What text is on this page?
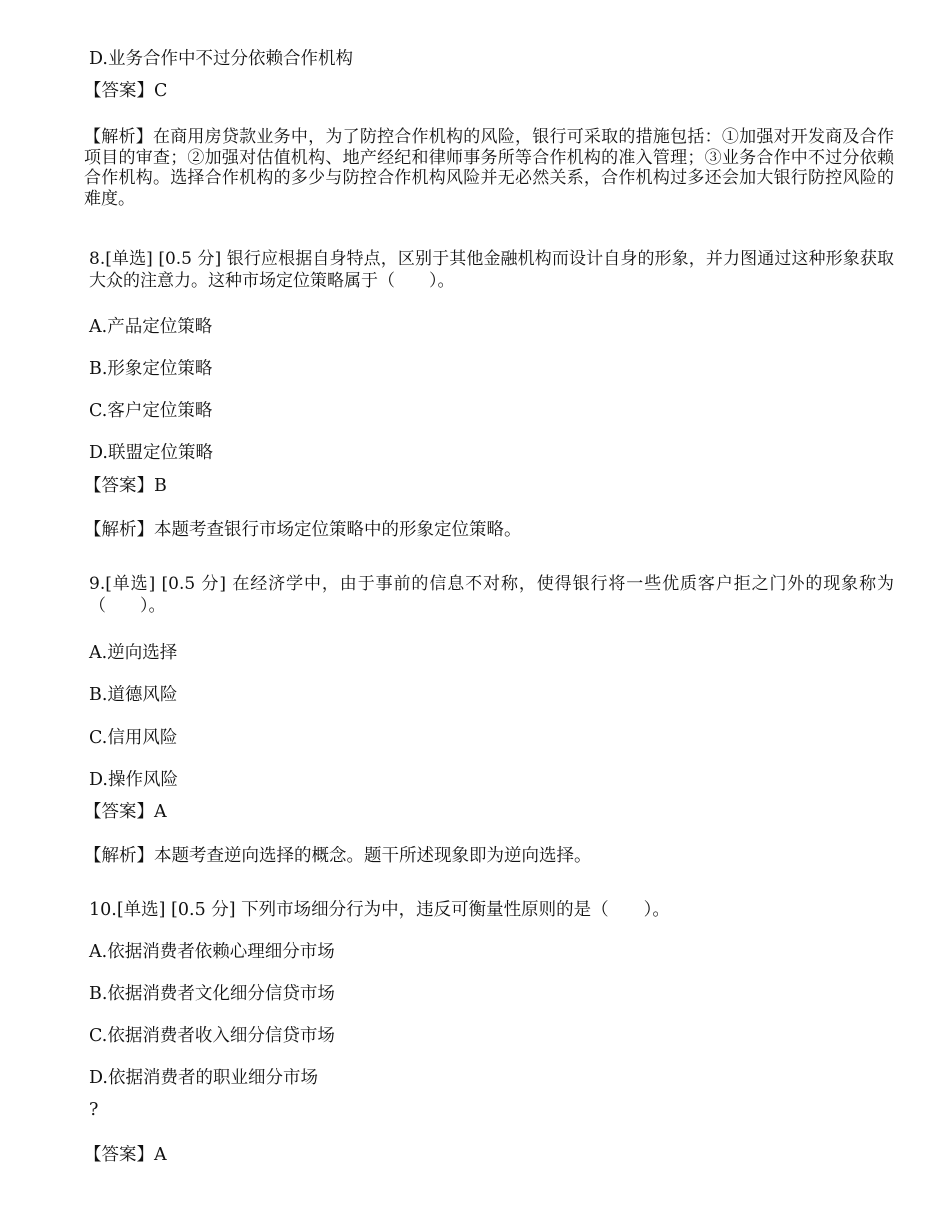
D.业务合作中不过分依赖合作机构
【答案】C
【解析】在商用房贷款业务中，为了防控合作机构的风险，银行可采取的措施包括：①加强对开发商及合作项目的审查；②加强对估值机构、地产经纪和律师事务所等合作机构的准入管理；③业务合作中不过分依赖合作机构。选择合作机构的多少与防控合作机构风险并无必然关系，合作机构过多还会加大银行防控风险的难度。
8.[单选] [0.5 分] 银行应根据自身特点，区别于其他金融机构而设计自身的形象，并力图通过这种形象获取大众的注意力。这种市场定位策略属于（　　）。
A.产品定位策略
B.形象定位策略
C.客户定位策略
D.联盟定位策略
【答案】B
【解析】本题考查银行市场定位策略中的形象定位策略。
9.[单选] [0.5 分] 在经济学中，由于事前的信息不对称，使得银行将一些优质客户拒之门外的现象称为（　　）。
A.逆向选择
B.道德风险
C.信用风险
D.操作风险
【答案】A
【解析】本题考查逆向选择的概念。题干所述现象即为逆向选择。
10.[单选] [0.5 分] 下列市场细分行为中，违反可衡量性原则的是（　　）。
A.依据消费者依赖心理细分市场
B.依据消费者文化细分信贷市场
C.依据消费者收入细分信贷市场
D.依据消费者的职业细分市场
?
【答案】A
